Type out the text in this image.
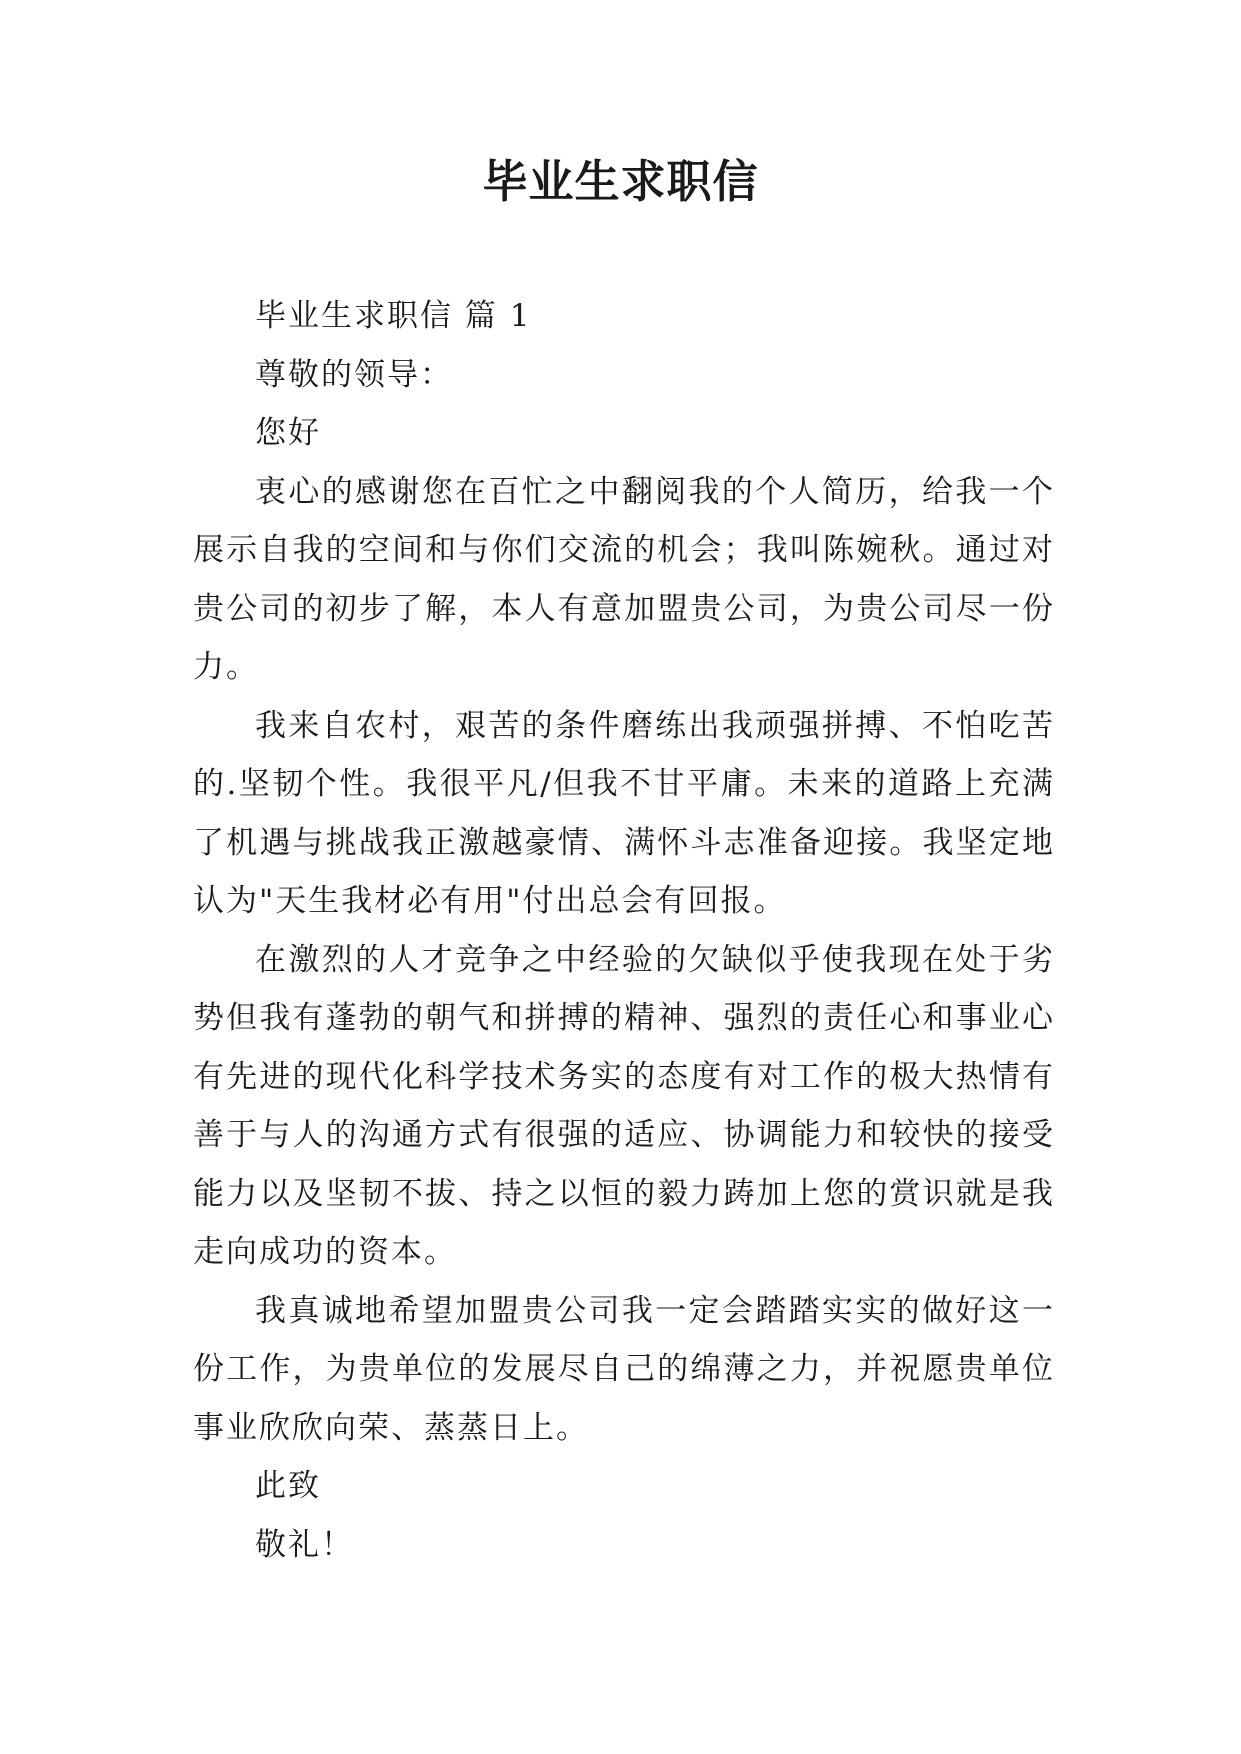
毕业生求职信

毕业生求职信 篇 1

尊敬的领导：

您好

衷心的感谢您在百忙之中翻阅我的个人简历，给我一个展示自我的空间和与你们交流的机会；我叫陈婉秋。通过对贵公司的初步了解，本人有意加盟贵公司，为贵公司尽一份力。

我来自农村，艰苦的条件磨练出我顽强拼搏、不怕吃苦的.坚韧个性。我很平凡/但我不甘平庸。未来的道路上充满了机遇与挑战我正激越豪情、满怀斗志准备迎接。我坚定地认为"天生我材必有用"付出总会有回报。

在激烈的人才竞争之中经验的欠缺似乎使我现在处于劣势但我有蓬勃的朝气和拼搏的精神、强烈的责任心和事业心有先进的现代化科学技术务实的态度有对工作的极大热情有善于与人的沟通方式有很强的适应、协调能力和较快的接受能力以及坚韧不拔、持之以恒的毅力踌加上您的赏识就是我走向成功的资本。

我真诚地希望加盟贵公司我一定会踏踏实实的做好这一份工作，为贵单位的发展尽自己的绵薄之力，并祝愿贵单位事业欣欣向荣、蒸蒸日上。

此致

敬礼！
